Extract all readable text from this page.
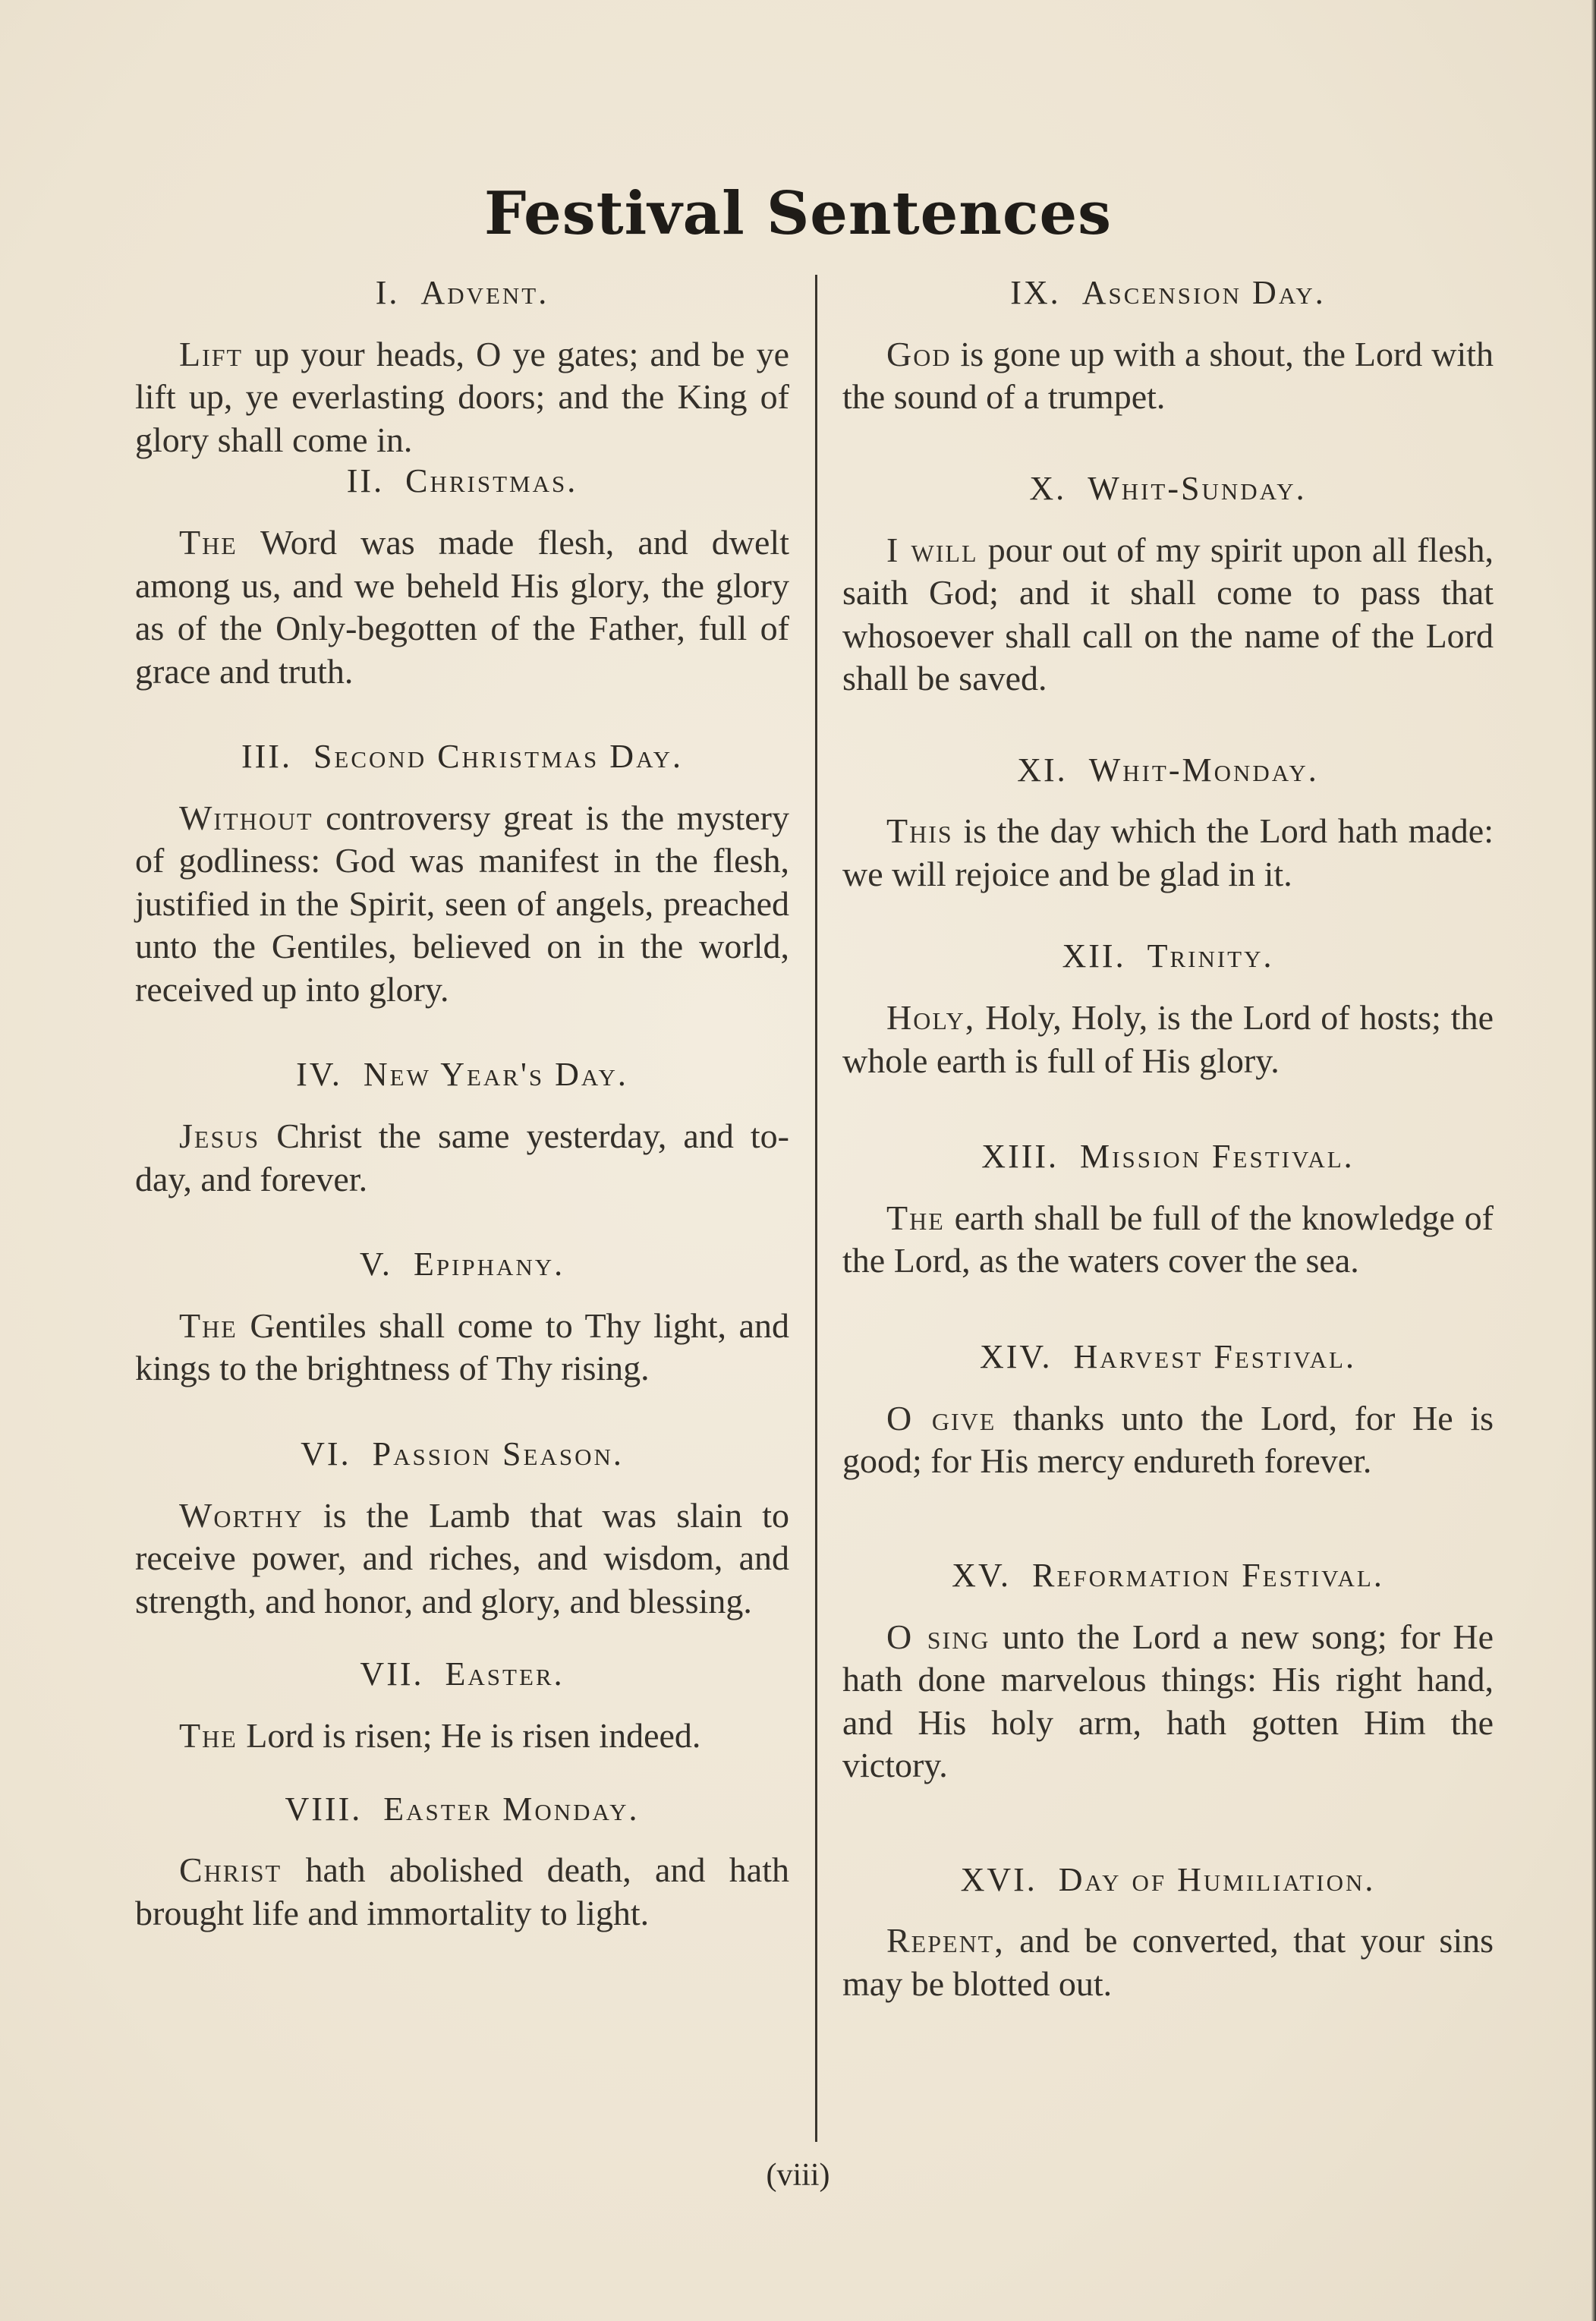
Festival Sentences
I. Advent.

Lift up your heads, O ye gates; and be ye lift up, ye everlasting doors; and the King of glory shall come in.

II. Christmas.

The Word was made flesh, and dwelt among us, and we beheld His glory, the glory as of the Only-begotten of the Father, full of grace and truth.

III. Second Christmas Day.

Without controversy great is the mystery of godliness: God was manifest in the flesh, justified in the Spirit, seen of angels, preached unto the Gentiles, believed on in the world, received up into glory.

IV. New Year's Day.

Jesus Christ the same yesterday, and to-day, and forever.

V. Epiphany.

The Gentiles shall come to Thy light, and kings to the brightness of Thy rising.

VI. Passion Season.

Worthy is the Lamb that was slain to receive power, and riches, and wisdom, and strength, and honor, and glory, and blessing.

VII. Easter.

The Lord is risen; He is risen indeed.

VIII. Easter Monday.

Christ hath abolished death, and hath brought life and immortality to light.

IX. Ascension Day.

God is gone up with a shout, the Lord with the sound of a trumpet.

X. Whit-Sunday.

I will pour out of my spirit upon all flesh, saith God; and it shall come to pass that whosoever shall call on the name of the Lord shall be saved.

XI. Whit-Monday.

This is the day which the Lord hath made: we will rejoice and be glad in it.

XII. Trinity.

Holy, Holy, Holy, is the Lord of hosts; the whole earth is full of His glory.

XIII. Mission Festival.

The earth shall be full of the knowledge of the Lord, as the waters cover the sea.

XIV. Harvest Festival.

O give thanks unto the Lord, for He is good; for His mercy endureth forever.

XV. Reformation Festival.

O sing unto the Lord a new song; for He hath done marvelous things: His right hand, and His holy arm, hath gotten Him the victory.

XVI. Day of Humiliation.

Repent, and be converted, that your sins may be blotted out.

(viii)
